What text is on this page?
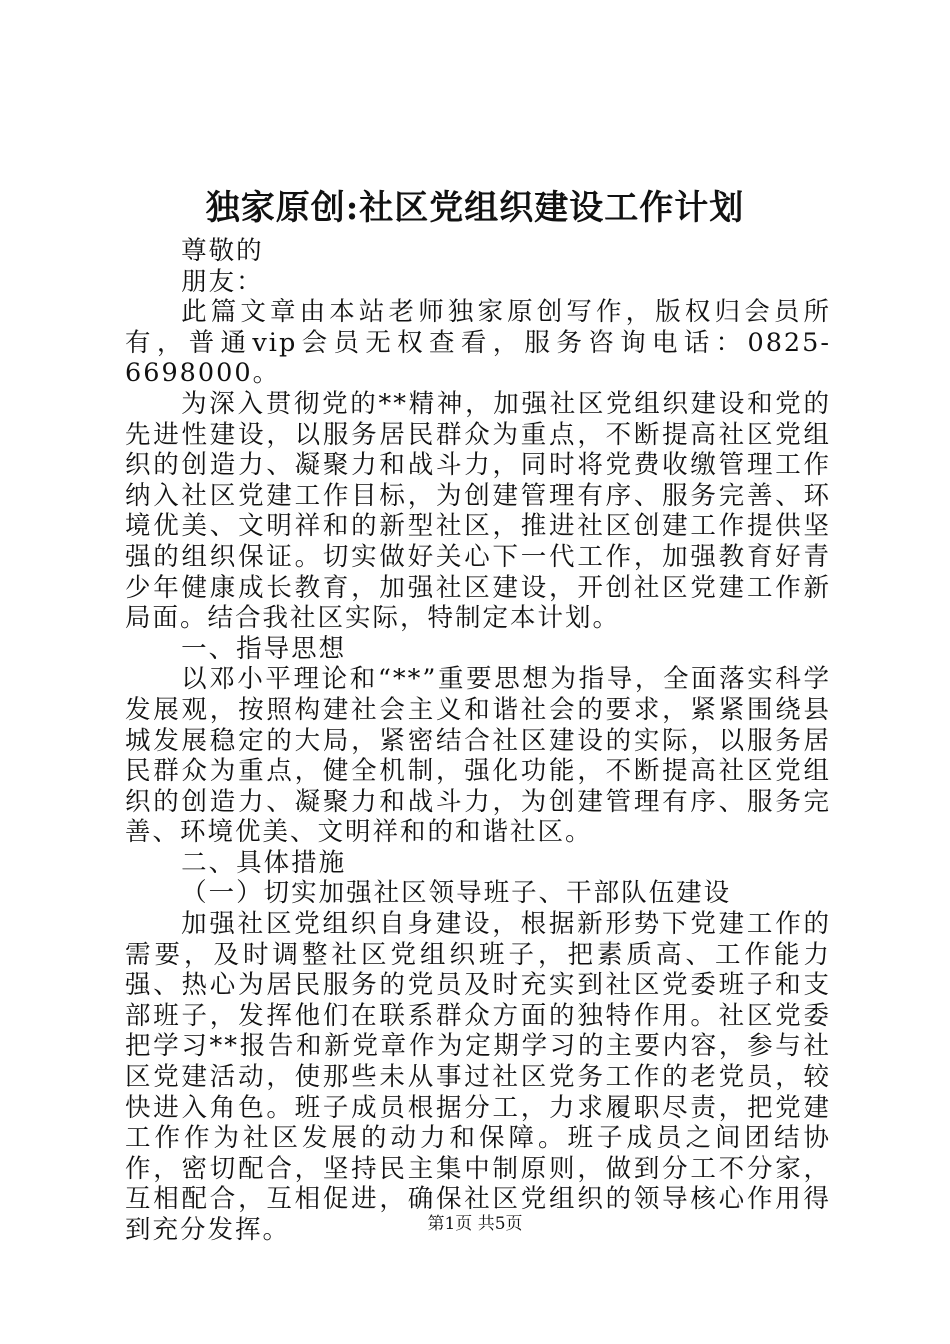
独家原创:社区党组织建设工作计划

尊敬的

朋友：

此篇文章由本站老师独家原创写作，版权归会员所有，普通vip会员无权查看，服务咨询电话：0825-6698000。

为深入贯彻党的**精神，加强社区党组织建设和党的先进性建设，以服务居民群众为重点，不断提高社区党组织的创造力、凝聚力和战斗力，同时将党费收缴管理工作纳入社区党建工作目标，为创建管理有序、服务完善、环境优美、文明祥和的新型社区，推进社区创建工作提供坚强的组织保证。切实做好关心下一代工作，加强教育好青少年健康成长教育，加强社区建设，开创社区党建工作新局面。结合我社区实际，特制定本计划。

一、指导思想

以邓小平理论和“**”重要思想为指导，全面落实科学发展观，按照构建社会主义和谐社会的要求，紧紧围绕县城发展稳定的大局，紧密结合社区建设的实际，以服务居民群众为重点，健全机制，强化功能，不断提高社区党组织的创造力、凝聚力和战斗力，为创建管理有序、服务完善、环境优美、文明祥和的和谐社区。

二、具体措施

（一）切实加强社区领导班子、干部队伍建设

加强社区党组织自身建设，根据新形势下党建工作的需要，及时调整社区党组织班子，把素质高、工作能力强、热心为居民服务的党员及时充实到社区党委班子和支部班子，发挥他们在联系群众方面的独特作用。社区党委把学习**报告和新党章作为定期学习的主要内容，参与社区党建活动，使那些未从事过社区党务工作的老党员，较快进入角色。班子成员根据分工，力求履职尽责，把党建工作作为社区发展的动力和保障。班子成员之间团结协作，密切配合，坚持民主集中制原则，做到分工不分家，互相配合，互相促进，确保社区党组织的领导核心作用得到充分发挥。	第1页 共5页
